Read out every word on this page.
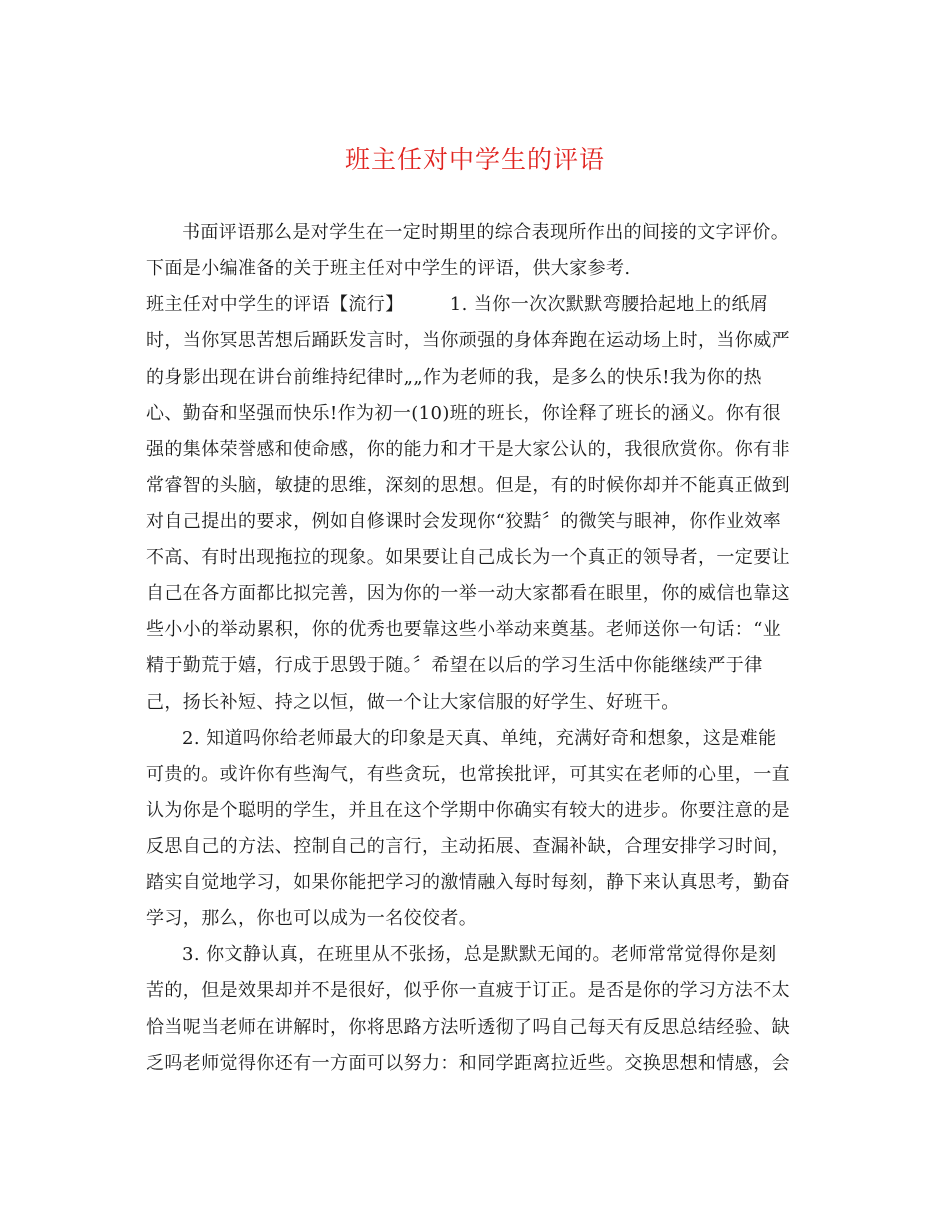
班主任对中学生的评语
书面评语那么是对学生在一定时期里的综合表现所作出的间接的文字评价。
下面是小编准备的关于班主任对中学生的评语，供大家参考.
班主任对中学生的评语【流行】　　　1. 当你一次次默默弯腰拾起地上的纸屑
时，当你冥思苦想后踊跃发言时，当你顽强的身体奔跑在运动场上时，当你威严
的身影出现在讲台前维持纪律时„„作为老师的我，是多么的快乐!我为你的热
心、勤奋和坚强而快乐!作为初一(10)班的班长，你诠释了班长的涵义。你有很
强的集体荣誉感和使命感，你的能力和才干是大家公认的，我很欣赏你。你有非
常睿智的头脑，敏捷的思维，深刻的思想。但是，有的时候你却并不能真正做到
对自己提出的要求，例如自修课时会发现你“狡黠〞的微笑与眼神，你作业效率
不高、有时出现拖拉的现象。如果要让自己成长为一个真正的领导者，一定要让
自己在各方面都比拟完善，因为你的一举一动大家都看在眼里，你的威信也靠这
些小小的举动累积，你的优秀也要靠这些小举动来奠基。老师送你一句话：“业
精于勤荒于嬉，行成于思毁于随。〞希望在以后的学习生活中你能继续严于律
己，扬长补短、持之以恒，做一个让大家信服的好学生、好班干。
2. 知道吗你给老师最大的印象是天真、单纯，充满好奇和想象，这是难能
可贵的。或许你有些淘气，有些贪玩，也常挨批评，可其实在老师的心里，一直
认为你是个聪明的学生，并且在这个学期中你确实有较大的进步。你要注意的是
反思自己的方法、控制自己的言行，主动拓展、查漏补缺，合理安排学习时间，
踏实自觉地学习，如果你能把学习的激情融入每时每刻，静下来认真思考，勤奋
学习，那么，你也可以成为一名佼佼者。
3. 你文静认真，在班里从不张扬，总是默默无闻的。老师常常觉得你是刻
苦的，但是效果却并不是很好，似乎你一直疲于订正。是否是你的学习方法不太
恰当呢当老师在讲解时，你将思路方法听透彻了吗自己每天有反思总结经验、缺
乏吗老师觉得你还有一方面可以努力：和同学距离拉近些。交换思想和情感，会
